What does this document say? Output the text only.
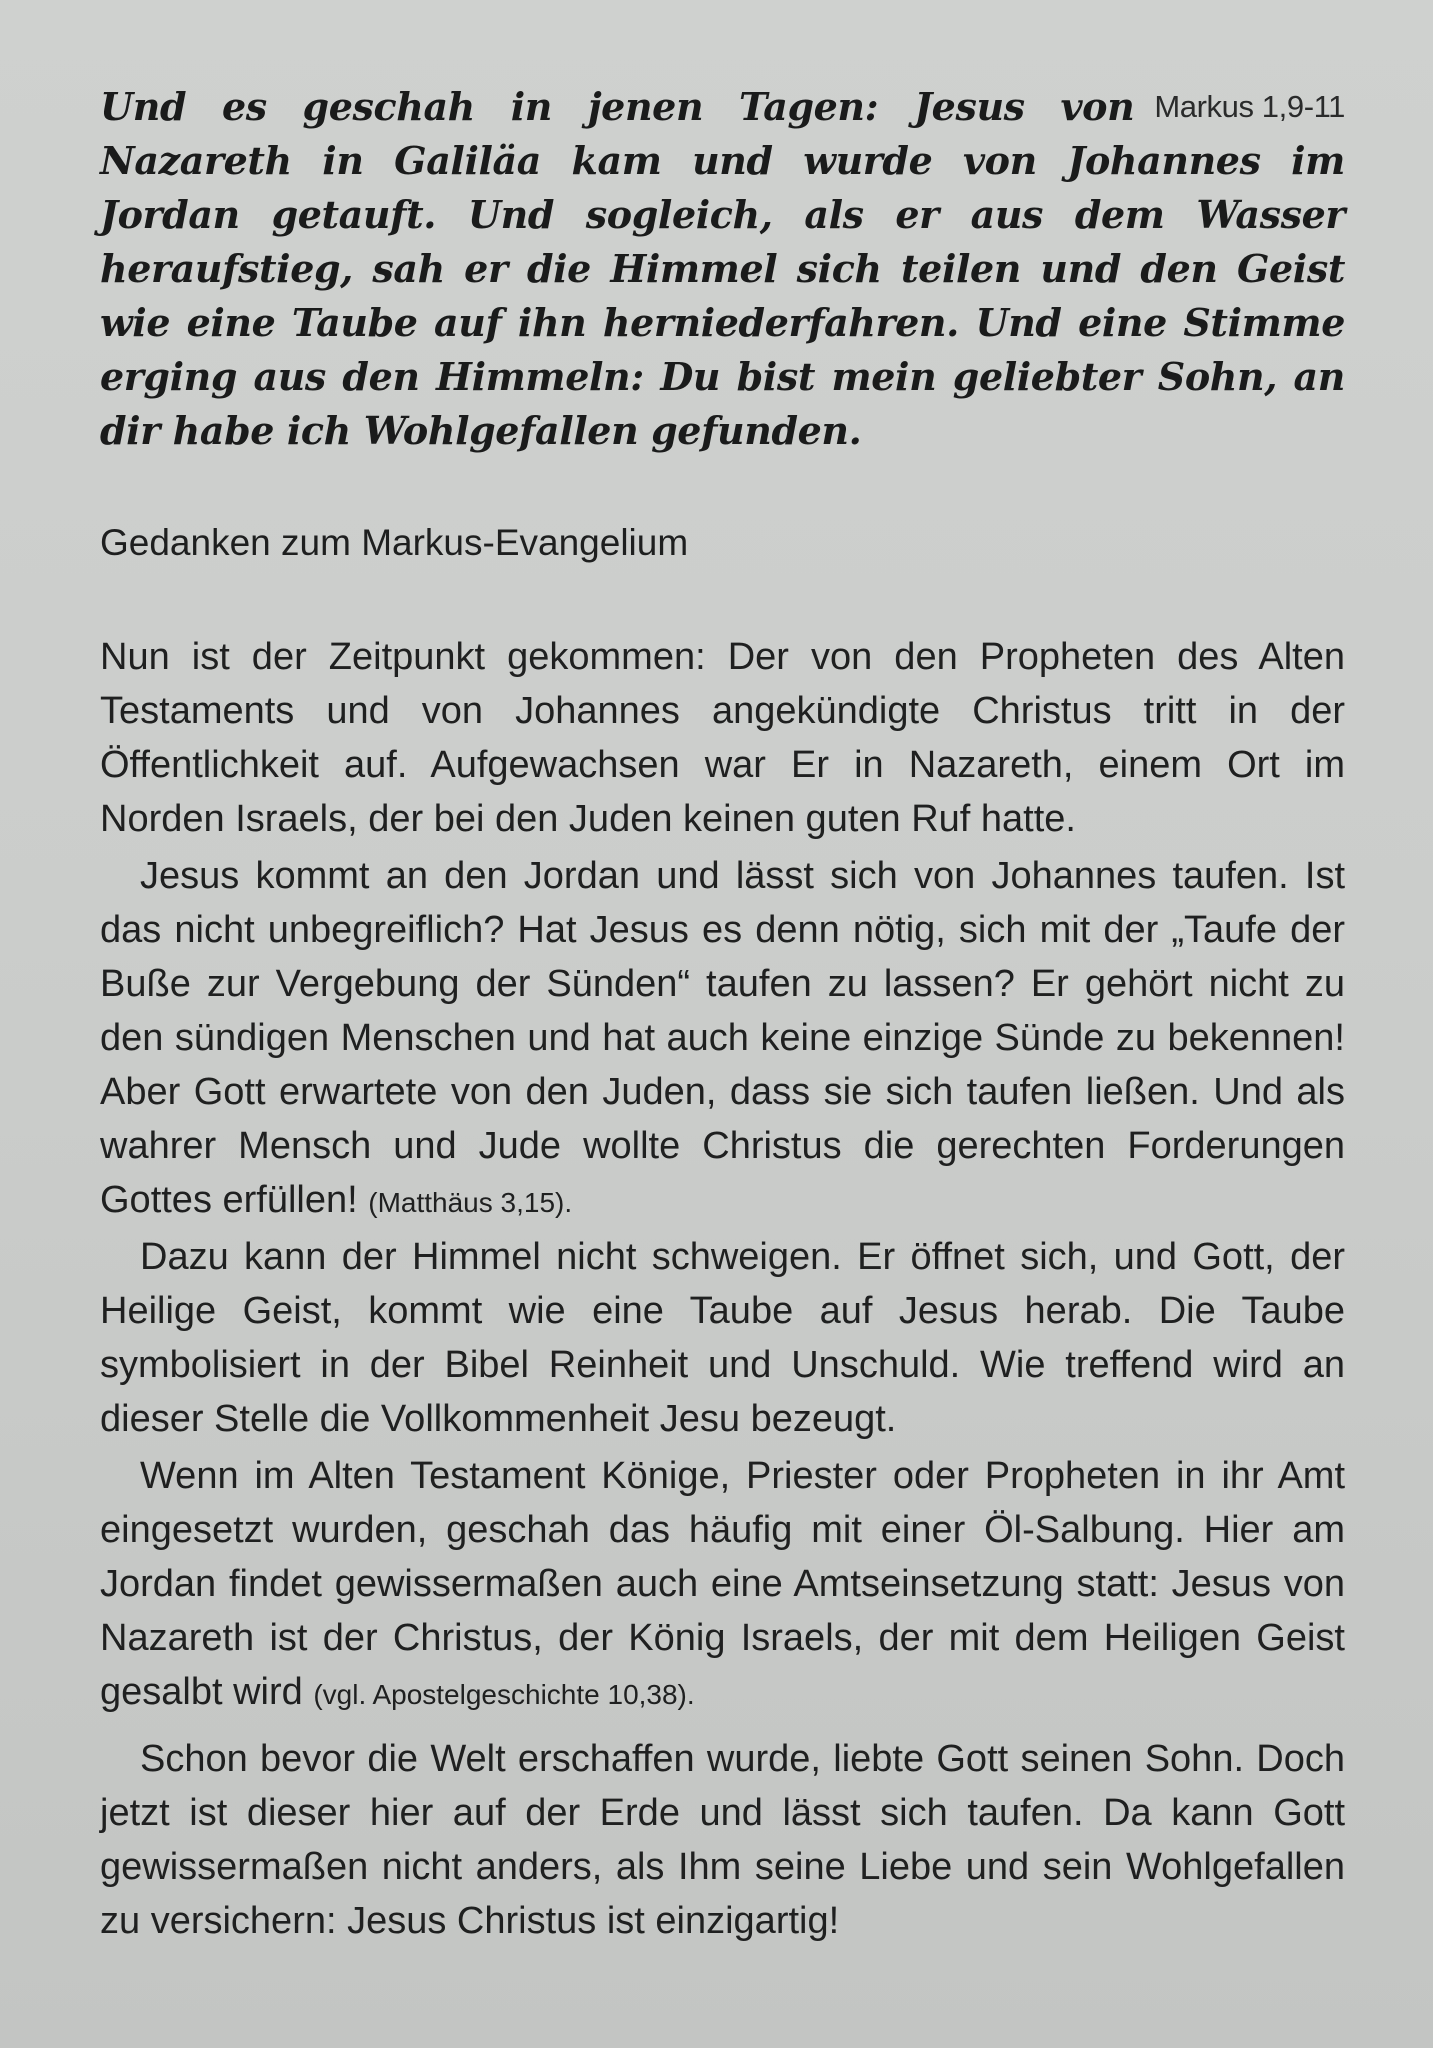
Markus 1,9-11
Und es geschah in jenen Tagen: Jesus von Nazareth in Galiläa kam und wurde von Johannes im Jordan getauft. Und sogleich, als er aus dem Wasser heraufstieg, sah er die Himmel sich teilen und den Geist wie eine Taube auf ihn herniederfahren. Und eine Stimme erging aus den Himmeln: Du bist mein geliebter Sohn, an dir habe ich Wohlgefallen gefunden.

Gedanken zum Markus-Evangelium

Nun ist der Zeitpunkt gekommen: Der von den Propheten des Alten Testaments und von Johannes angekündigte Christus tritt in der Öffentlichkeit auf. Aufgewachsen war Er in Nazareth, einem Ort im Norden Israels, der bei den Juden keinen guten Ruf hatte.

Jesus kommt an den Jordan und lässt sich von Johannes taufen. Ist das nicht unbegreiflich? Hat Jesus es denn nötig, sich mit der „Taufe der Buße zur Vergebung der Sünden“ taufen zu lassen? Er gehört nicht zu den sündigen Menschen und hat auch keine einzige Sünde zu bekennen! Aber Gott erwartete von den Juden, dass sie sich taufen ließen. Und als wahrer Mensch und Jude wollte Christus die gerechten Forderungen Gottes erfüllen! (Matthäus 3,15).

Dazu kann der Himmel nicht schweigen. Er öffnet sich, und Gott, der Heilige Geist, kommt wie eine Taube auf Jesus herab. Die Taube symbolisiert in der Bibel Reinheit und Unschuld. Wie treffend wird an dieser Stelle die Vollkommenheit Jesu bezeugt.

Wenn im Alten Testament Könige, Priester oder Propheten in ihr Amt eingesetzt wurden, geschah das häufig mit einer Öl-Salbung. Hier am Jordan findet gewissermaßen auch eine Amtseinsetzung statt: Jesus von Nazareth ist der Christus, der König Israels, der mit dem Heiligen Geist gesalbt wird (vgl. Apostelgeschichte 10,38).

Schon bevor die Welt erschaffen wurde, liebte Gott seinen Sohn. Doch jetzt ist dieser hier auf der Erde und lässt sich taufen. Da kann Gott gewissermaßen nicht anders, als Ihm seine Liebe und sein Wohlgefallen zu versichern: Jesus Christus ist einzigartig!
